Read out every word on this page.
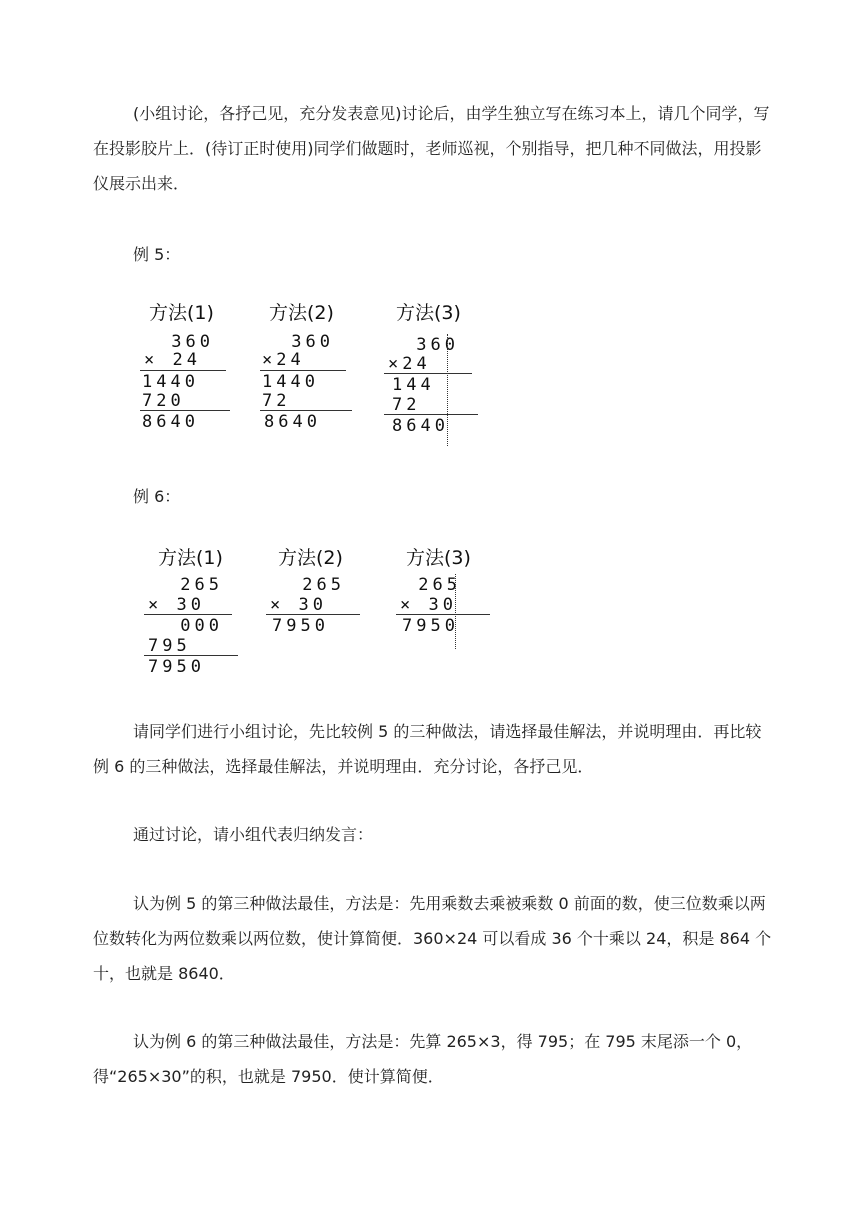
(小组讨论，各抒己见，充分发表意见)讨论后，由学生独立写在练习本上，请几个同学，写在投影胶片上．(待订正时使用)同学们做题时，老师巡视，个别指导，把几种不同做法，用投影仪展示出来．

例 5：
方法(1)
360
× 24
1440
720
8640
方法(2)
360
×24
1440
72
8640
方法(3)
360
×24
144
72
8640
例 6：
方法(1)
265
× 30
000
795
7950
方法(2)
265
× 30
7950
方法(3)
265
× 30
7950

请同学们进行小组讨论，先比较例 5 的三种做法，请选择最佳解法，并说明理由．再比较例 6 的三种做法，选择最佳解法，并说明理由．充分讨论，各抒己见．

通过讨论，请小组代表归纳发言：

认为例 5 的第三种做法最佳，方法是：先用乘数去乘被乘数 0 前面的数，使三位数乘以两位数转化为两位数乘以两位数，使计算简便．360×24 可以看成 36 个十乘以 24，积是 864 个十，也就是 8640．

认为例 6 的第三种做法最佳，方法是：先算 265×3，得 795；在 795 末尾添一个 0，得“265×30”的积，也就是 7950．使计算简便．
